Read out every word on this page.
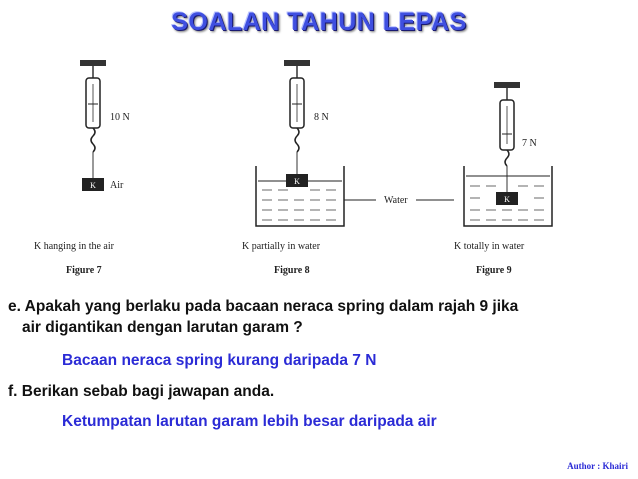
SOALAN TAHUN LEPAS
K
10 N
Air
K hanging in the air
Figure 7
8 N
K
Water
K partially in water
Figure 8
7 N
K
K totally in water
Figure 9
e. Apakah yang berlaku pada bacaan neraca spring dalam rajah 9 jika
air digantikan dengan larutan garam ?
Bacaan neraca spring kurang daripada 7 N
f. Berikan sebab bagi jawapan anda.
Ketumpatan larutan garam lebih besar daripada air
Author : Khairi
